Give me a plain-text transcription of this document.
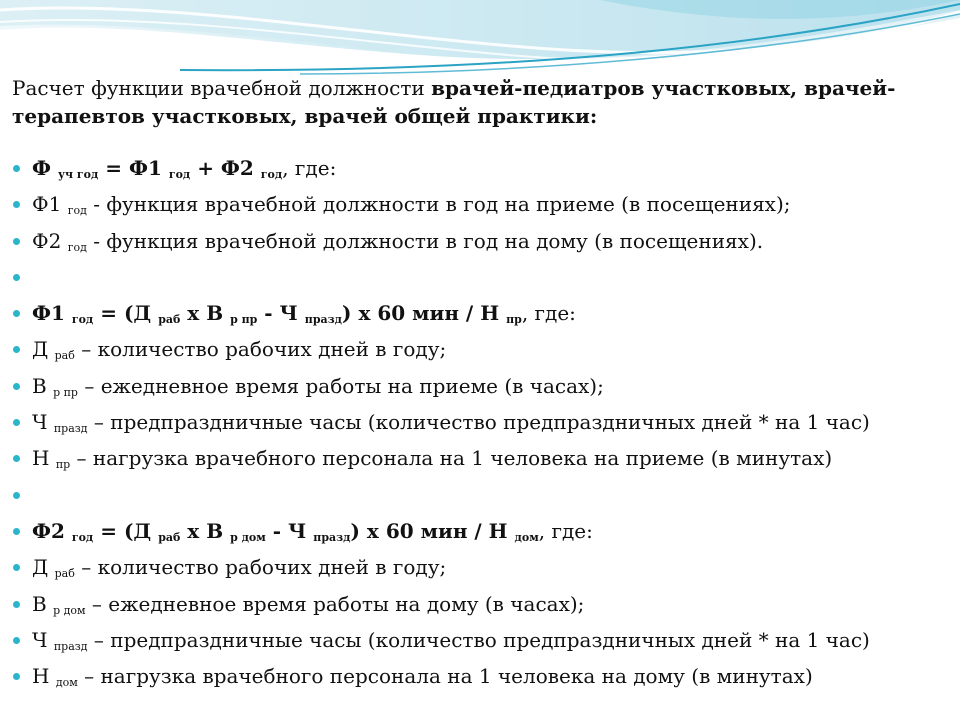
Расчет функции врачебной должности врачей-педиатров участковых, врачей-терапевтов участковых, врачей общей практики:

Ф $_{уч год}$ = Ф1 $_{год}$ + Ф2 $_{год}$, где:
Ф1 $_{год}$ - функция врачебной должности в год на приеме (в посещениях);
Ф2 $_{год}$ - функция врачебной должности в год на дому (в посещениях).
Ф1 $_{год}$ = (Д $_{раб}$ х В $_{р пр}$ - Ч $_{празд}$) х 60 мин / Н $_{пр}$, где:
Д $_{раб}$ – количество рабочих дней в году;
В $_{р пр}$ – ежедневное время работы на приеме (в часах);
Ч $_{празд}$ – предпраздничные часы (количество предпраздничных дней * на 1 час)
Н $_{пр}$ – нагрузка врачебного персонала на 1 человека на приеме (в минутах)
Ф2 $_{год}$ = (Д $_{раб}$ х В $_{р дом}$ - Ч $_{празд}$) х 60 мин / Н $_{дом}$, где:
Д $_{раб}$ – количество рабочих дней в году;
В $_{р дом}$ – ежедневное время работы на дому (в часах);
Ч $_{празд}$ – предпраздничные часы (количество предпраздничных дней * на 1 час)
Н $_{дом}$ – нагрузка врачебного персонала на 1 человека на дому (в минутах)
